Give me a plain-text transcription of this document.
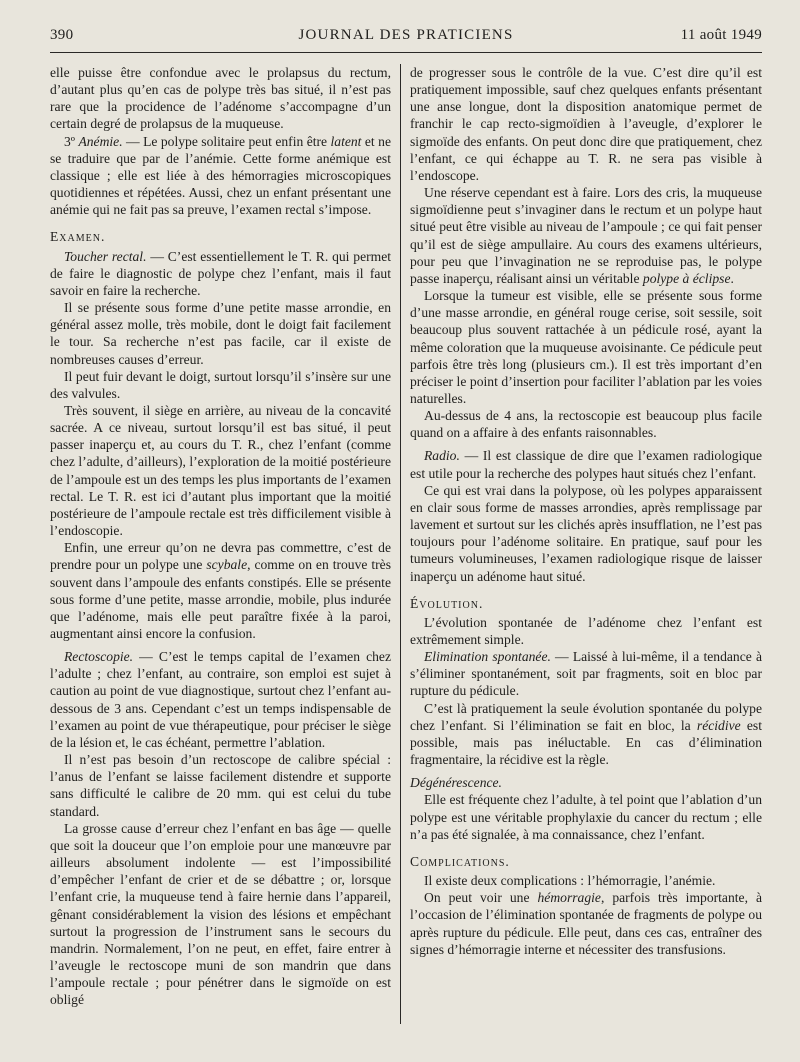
390	JOURNAL DES PRATICIENS	11 août 1949

elle puisse être confondue avec le prolapsus du rectum, d’autant plus qu’en cas de polype très bas situé, il n’est pas rare que la procidence de l’adénome s’accompagne d’un certain degré de prolapsus de la muqueuse.

3º Anémie. — Le polype solitaire peut enfin être latent et ne se traduire que par de l’anémie. Cette forme anémique est classique ; elle est liée à des hémorragies microscopiques quotidiennes et répétées. Aussi, chez un enfant présentant une anémie qui ne fait pas sa preuve, l’examen rectal s’impose.

Examen.

Toucher rectal. — C’est essentiellement le T. R. qui permet de faire le diagnostic de polype chez l’enfant, mais il faut savoir en faire la recherche.

Il se présente sous forme d’une petite masse arrondie, en général assez molle, très mobile, dont le doigt fait facilement le tour. Sa recherche n’est pas facile, car il existe de nombreuses causes d’erreur.

Il peut fuir devant le doigt, surtout lorsqu’il s’insère sur une des valvules.

Très souvent, il siège en arrière, au niveau de la concavité sacrée. A ce niveau, surtout lorsqu’il est bas situé, il peut passer inaperçu et, au cours du T. R., chez l’enfant (comme chez l’adulte, d’ailleurs), l’exploration de la moitié postérieure de l’ampoule est un des temps les plus importants de l’examen rectal. Le T. R. est ici d’autant plus important que la moitié postérieure de l’ampoule rectale est très difficilement visible à l’endoscopie.

Enfin, une erreur qu’on ne devra pas commettre, c’est de prendre pour un polype une scybale, comme on en trouve très souvent dans l’ampoule des enfants constipés. Elle se présente sous forme d’une petite, masse arrondie, mobile, plus indurée que l’adénome, mais elle peut paraître fixée à la paroi, augmentant ainsi encore la confusion.

Rectoscopie. — C’est le temps capital de l’examen chez l’adulte ; chez l’enfant, au contraire, son emploi est sujet à caution au point de vue diagnostique, surtout chez l’enfant au-dessous de 3 ans. Cependant c’est un temps indispensable de l’examen au point de vue thérapeutique, pour préciser le siège de la lésion et, le cas échéant, permettre l’ablation.

Il n’est pas besoin d’un rectoscope de calibre spécial : l’anus de l’enfant se laisse facilement distendre et supporte sans difficulté le calibre de 20 mm. qui est celui du tube standard.

La grosse cause d’erreur chez l’enfant en bas âge — quelle que soit la douceur que l’on emploie pour une manœuvre par ailleurs absolument indolente — est l’impossibilité d’empêcher l’enfant de crier et de se débattre ; or, lorsque l’enfant crie, la muqueuse tend à faire hernie dans l’appareil, gênant considérablement la vision des lésions et empêchant surtout la progression de l’instrument sans le secours du mandrin. Normalement, l’on ne peut, en effet, faire entrer à l’aveugle le rectoscope muni de son mandrin que dans l’ampoule rectale ; pour pénétrer dans le sigmoïde on est obligé

de progresser sous le contrôle de la vue. C’est dire qu’il est pratiquement impossible, sauf chez quelques enfants présentant une anse longue, dont la disposition anatomique permet de franchir le cap recto-sigmoïdien à l’aveugle, d’explorer le sigmoïde des enfants. On peut donc dire que pratiquement, chez l’enfant, ce qui échappe au T. R. ne sera pas visible à l’endoscope.

Une réserve cependant est à faire. Lors des cris, la muqueuse sigmoïdienne peut s’invaginer dans le rectum et un polype haut situé peut être visible au niveau de l’ampoule ; ce qui fait penser qu’il est de siège ampullaire. Au cours des examens ultérieurs, pour peu que l’invagination ne se reproduise pas, le polype passe inaperçu, réalisant ainsi un véritable polype à éclipse.

Lorsque la tumeur est visible, elle se présente sous forme d’une masse arrondie, en général rouge cerise, soit sessile, soit beaucoup plus souvent rattachée à un pédicule rosé, ayant la même coloration que la muqueuse avoisinante. Ce pédicule peut parfois être très long (plusieurs cm.). Il est très important d’en préciser le point d’insertion pour faciliter l’ablation par les voies naturelles.

Au-dessus de 4 ans, la rectoscopie est beaucoup plus facile quand on a affaire à des enfants raisonnables.

Radio. — Il est classique de dire que l’examen radiologique est utile pour la recherche des polypes haut situés chez l’enfant.

Ce qui est vrai dans la polypose, où les polypes apparaissent en clair sous forme de masses arrondies, après remplissage par lavement et surtout sur les clichés après insufflation, ne l’est pas toujours pour l’adénome solitaire. En pratique, sauf pour les tumeurs volumineuses, l’examen radiologique risque de laisser inaperçu un adénome haut situé.

Évolution.

L’évolution spontanée de l’adénome chez l’enfant est extrêmement simple.

Elimination spontanée. — Laissé à lui-même, il a tendance à s’éliminer spontanément, soit par fragments, soit en bloc par rupture du pédicule.

C’est là pratiquement la seule évolution spontanée du polype chez l’enfant. Si l’élimination se fait en bloc, la récidive est possible, mais pas inéluctable. En cas d’élimination fragmentaire, la récidive est la règle.

Dégénérescence.

Elle est fréquente chez l’adulte, à tel point que l’ablation d’un polype est une véritable prophylaxie du cancer du rectum ; elle n’a pas été signalée, à ma connaissance, chez l’enfant.

Complications.

Il existe deux complications : l’hémorragie, l’anémie.

On peut voir une hémorragie, parfois très importante, à l’occasion de l’élimination spontanée de fragments de polype ou après rupture du pédicule. Elle peut, dans ces cas, entraîner des signes d’hémorragie interne et nécessiter des transfusions.
